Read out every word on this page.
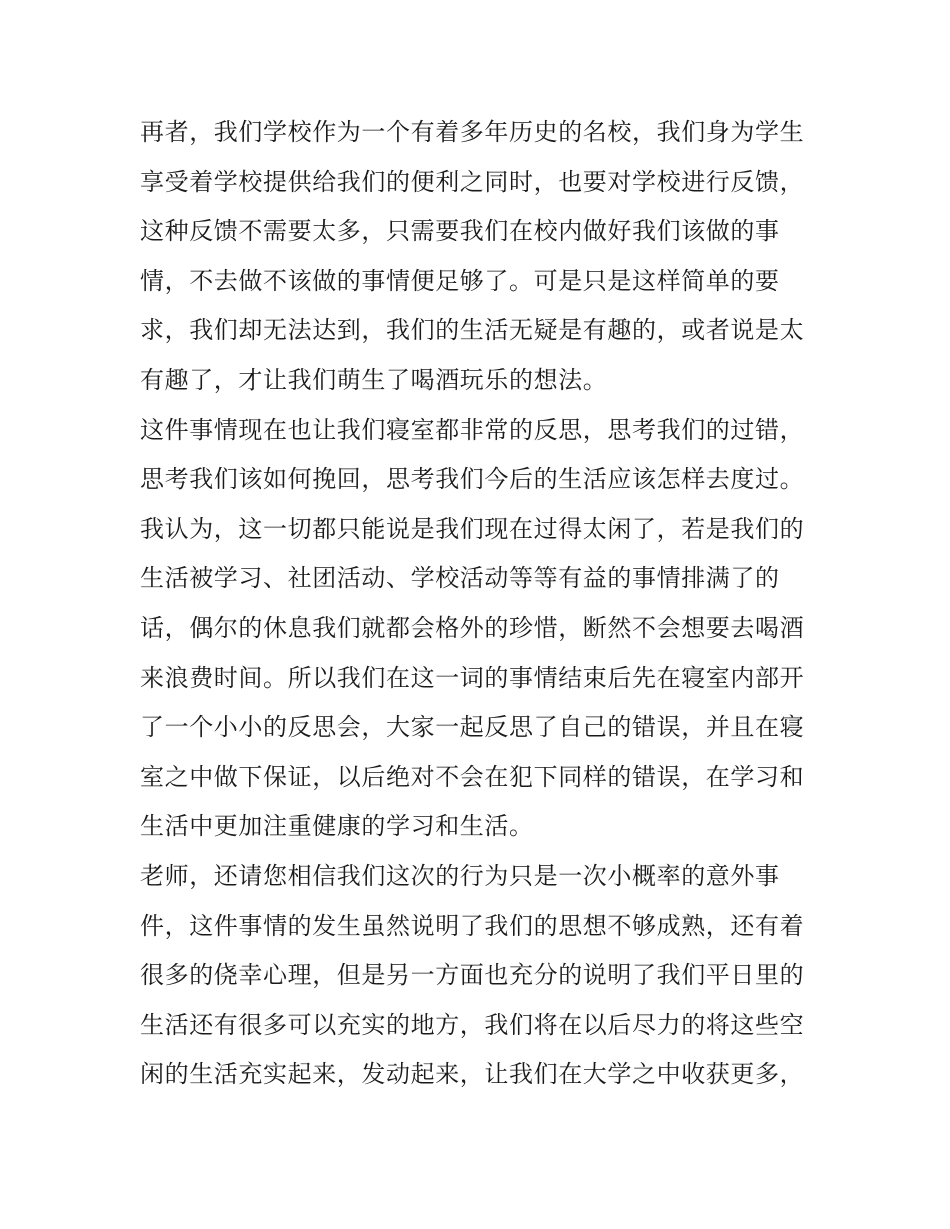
再者，我们学校作为一个有着多年历史的名校，我们身为学生
享受着学校提供给我们的便利之同时，也要对学校进行反馈，
这种反馈不需要太多，只需要我们在校内做好我们该做的事
情，不去做不该做的事情便足够了。可是只是这样简单的要
求，我们却无法达到，我们的生活无疑是有趣的，或者说是太
有趣了，才让我们萌生了喝酒玩乐的想法。
这件事情现在也让我们寝室都非常的反思，思考我们的过错，
思考我们该如何挽回，思考我们今后的生活应该怎样去度过。
我认为，这一切都只能说是我们现在过得太闲了，若是我们的
生活被学习、社团活动、学校活动等等有益的事情排满了的
话，偶尔的休息我们就都会格外的珍惜，断然不会想要去喝酒
来浪费时间。所以我们在这一词的事情结束后先在寝室内部开
了一个小小的反思会，大家一起反思了自己的错误，并且在寝
室之中做下保证，以后绝对不会在犯下同样的错误，在学习和
生活中更加注重健康的学习和生活。
老师，还请您相信我们这次的行为只是一次小概率的意外事
件，这件事情的发生虽然说明了我们的思想不够成熟，还有着
很多的侥幸心理，但是另一方面也充分的说明了我们平日里的
生活还有很多可以充实的地方，我们将在以后尽力的将这些空
闲的生活充实起来，发动起来，让我们在大学之中收获更多，
